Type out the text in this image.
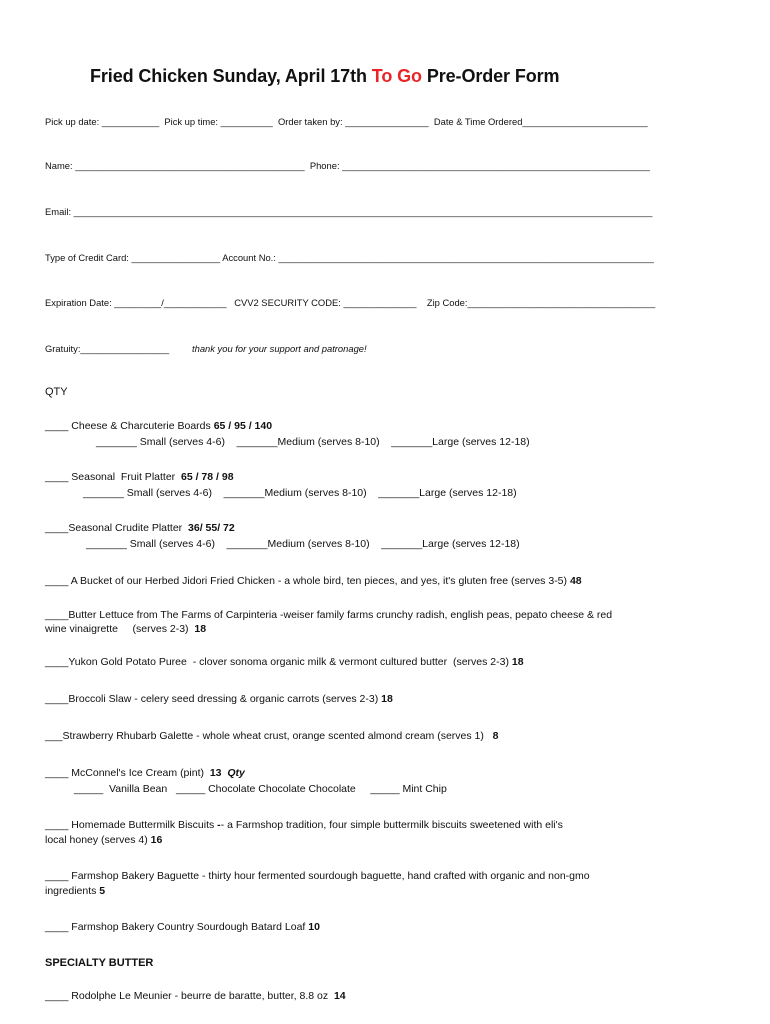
Fried Chicken Sunday, April 17th To Go Pre-Order Form
Pick up date: ___________  Pick up time: __________  Order taken by: ________________  Date & Time Ordered________________________
Name: ____________________________________________  Phone: ___________________________________________________________
Email: _______________________________________________________________________________________________________________
Type of Credit Card: _________________ Account No.: ________________________________________________________________________
Expiration Date: _________/____________   CVV2 SECURITY CODE: ______________    Zip Code:____________________________________
Gratuity:_________________ thank you for your support and patronage!
QTY
____ Cheese & Charcuterie Boards 65 / 95 / 140
_______ Small (serves 4-6)    _______Medium (serves 8-10)    _______Large (serves 12-18)
____ Seasonal  Fruit Platter  65 / 78 / 98
_______ Small (serves 4-6)    _______Medium (serves 8-10)    _______Large (serves 12-18)
____Seasonal Crudite Platter  36/ 55/ 72
_______ Small (serves 4-6)    _______Medium (serves 8-10)    _______Large (serves 12-18)
____ A Bucket of our Herbed Jidori Fried Chicken - a whole bird, ten pieces, and yes, it's gluten free (serves 3-5) 48
____Butter Lettuce from The Farms of Carpinteria -weiser family farms crunchy radish, english peas, pepato cheese & red
wine vinaigrette     (serves 2-3)  18
____Yukon Gold Potato Puree  - clover sonoma organic milk & vermont cultured butter  (serves 2-3) 18
____Broccoli Slaw - celery seed dressing & organic carrots (serves 2-3) 18
___Strawberry Rhubarb Galette - whole wheat crust, orange scented almond cream (serves 1)   8
____ McConnel's Ice Cream (pint)  13 Qty
_____  Vanilla Bean   _____ Chocolate Chocolate Chocolate     _____ Mint Chip
____ Homemade Buttermilk Biscuits -- a Farmshop tradition, four simple buttermilk biscuits sweetened with eli's
local honey (serves 4) 16
____ Farmshop Bakery Baguette - thirty hour fermented sourdough baguette, hand crafted with organic and non-gmo
ingredients 5
____ Farmshop Bakery Country Sourdough Batard Loaf 10
SPECIALTY BUTTER
____ Rodolphe Le Meunier - beurre de baratte, butter, 8.8 oz  14
